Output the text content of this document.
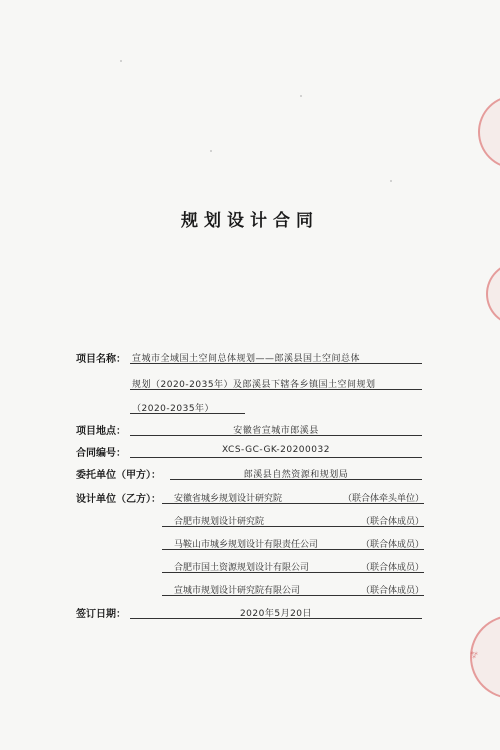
⁂
规划设计合同
项目名称： 宣城市全域国土空间总体规划——郎溪县国土空间总体
规划（2020-2035年）及郎溪县下辖各乡镇国土空间规划
（2020-2035年）
项目地点：	安徽省宣城市郎溪县
合同编号：	XCS-GC-GK-20200032
委托单位（甲方）：	郎溪县自然资源和规划局
设计单位（乙方）： 安徽省城乡规划设计研究院	（联合体牵头单位）
合肥市规划设计研究院	（联合体成员）
马鞍山市城乡规划设计有限责任公司	（联合体成员）
合肥市国土资源规划设计有限公司	（联合体成员）
宣城市规划设计研究院有限公司	（联合体成员）
签订日期：	2020年5月20日
